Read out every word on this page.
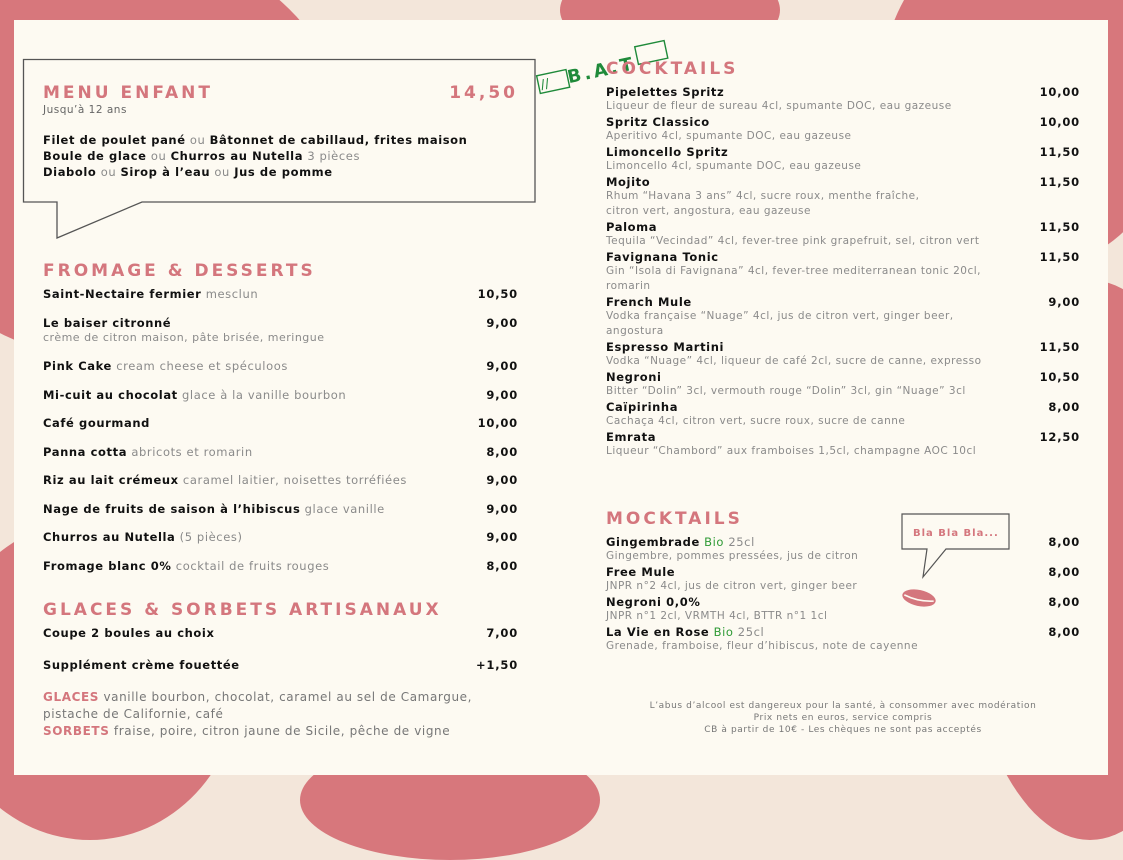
MENU ENFANT	14,50
Jusqu’à 12 ans
Filet de poulet pané ou Bâtonnet de cabillaud, frites maison
Boule de glace ou Churros au Nutella 3 pièces
Diabolo ou Sirop à l’eau ou Jus de pomme
// B.A.T
FROMAGE & DESSERTS
Saint-Nectaire fermier mesclun	10,50
Le baiser citronné	9,00
crème de citron maison, pâte brisée, meringue
Pink Cake cream cheese et spéculoos	9,00
Mi-cuit au chocolat glace à la vanille bourbon	9,00
Café gourmand	10,00
Panna cotta abricots et romarin	8,00
Riz au lait crémeux caramel laitier, noisettes torréfiées	9,00
Nage de fruits de saison à l’hibiscus glace vanille	9,00
Churros au Nutella (5 pièces)	9,00
Fromage blanc 0% cocktail de fruits rouges	8,00
GLACES & SORBETS ARTISANAUX
Coupe 2 boules au choix	7,00
Supplément crème fouettée	+1,50
GLACES vanille bourbon, chocolat, caramel au sel de Camargue,
pistache de Californie, café
SORBETS fraise, poire, citron jaune de Sicile, pêche de vigne
COCKTAILS
Pipelettes Spritz	10,00
Liqueur de fleur de sureau 4cl, spumante DOC, eau gazeuse
Spritz Classico	10,00
Aperitivo 4cl, spumante DOC, eau gazeuse
Limoncello Spritz	11,50
Limoncello 4cl, spumante DOC, eau gazeuse
Mojito	11,50
Rhum “Havana 3 ans” 4cl, sucre roux, menthe fraîche,
citron vert, angostura, eau gazeuse
Paloma	11,50
Tequila “Vecindad” 4cl, fever-tree pink grapefruit, sel, citron vert
Favignana Tonic	11,50
Gin “Isola di Favignana” 4cl, fever-tree mediterranean tonic 20cl,
romarin
French Mule	9,00
Vodka française “Nuage” 4cl, jus de citron vert, ginger beer,
angostura
Espresso Martini	11,50
Vodka “Nuage” 4cl, liqueur de café 2cl, sucre de canne, expresso
Negroni	10,50
Bitter “Dolin” 3cl, vermouth rouge “Dolin” 3cl, gin “Nuage” 3cl
Caïpirinha	8,00
Cachaça 4cl, citron vert, sucre roux, sucre de canne
Emrata	12,50
Liqueur “Chambord” aux framboises 1,5cl, champagne AOC 10cl
MOCKTAILS
Bla Bla Bla...
Gingembrade Bio 25cl	8,00
Gingembre, pommes pressées, jus de citron
Free Mule	8,00
JNPR n°2 4cl, jus de citron vert, ginger beer
Negroni 0,0%	8,00
JNPR n°1 2cl, VRMTH 4cl, BTTR n°1 1cl
La Vie en Rose Bio 25cl	8,00
Grenade, framboise, fleur d’hibiscus, note de cayenne
L’abus d’alcool est dangereux pour la santé, à consommer avec modération
Prix nets en euros, service compris
CB à partir de 10€ - Les chèques ne sont pas acceptés
